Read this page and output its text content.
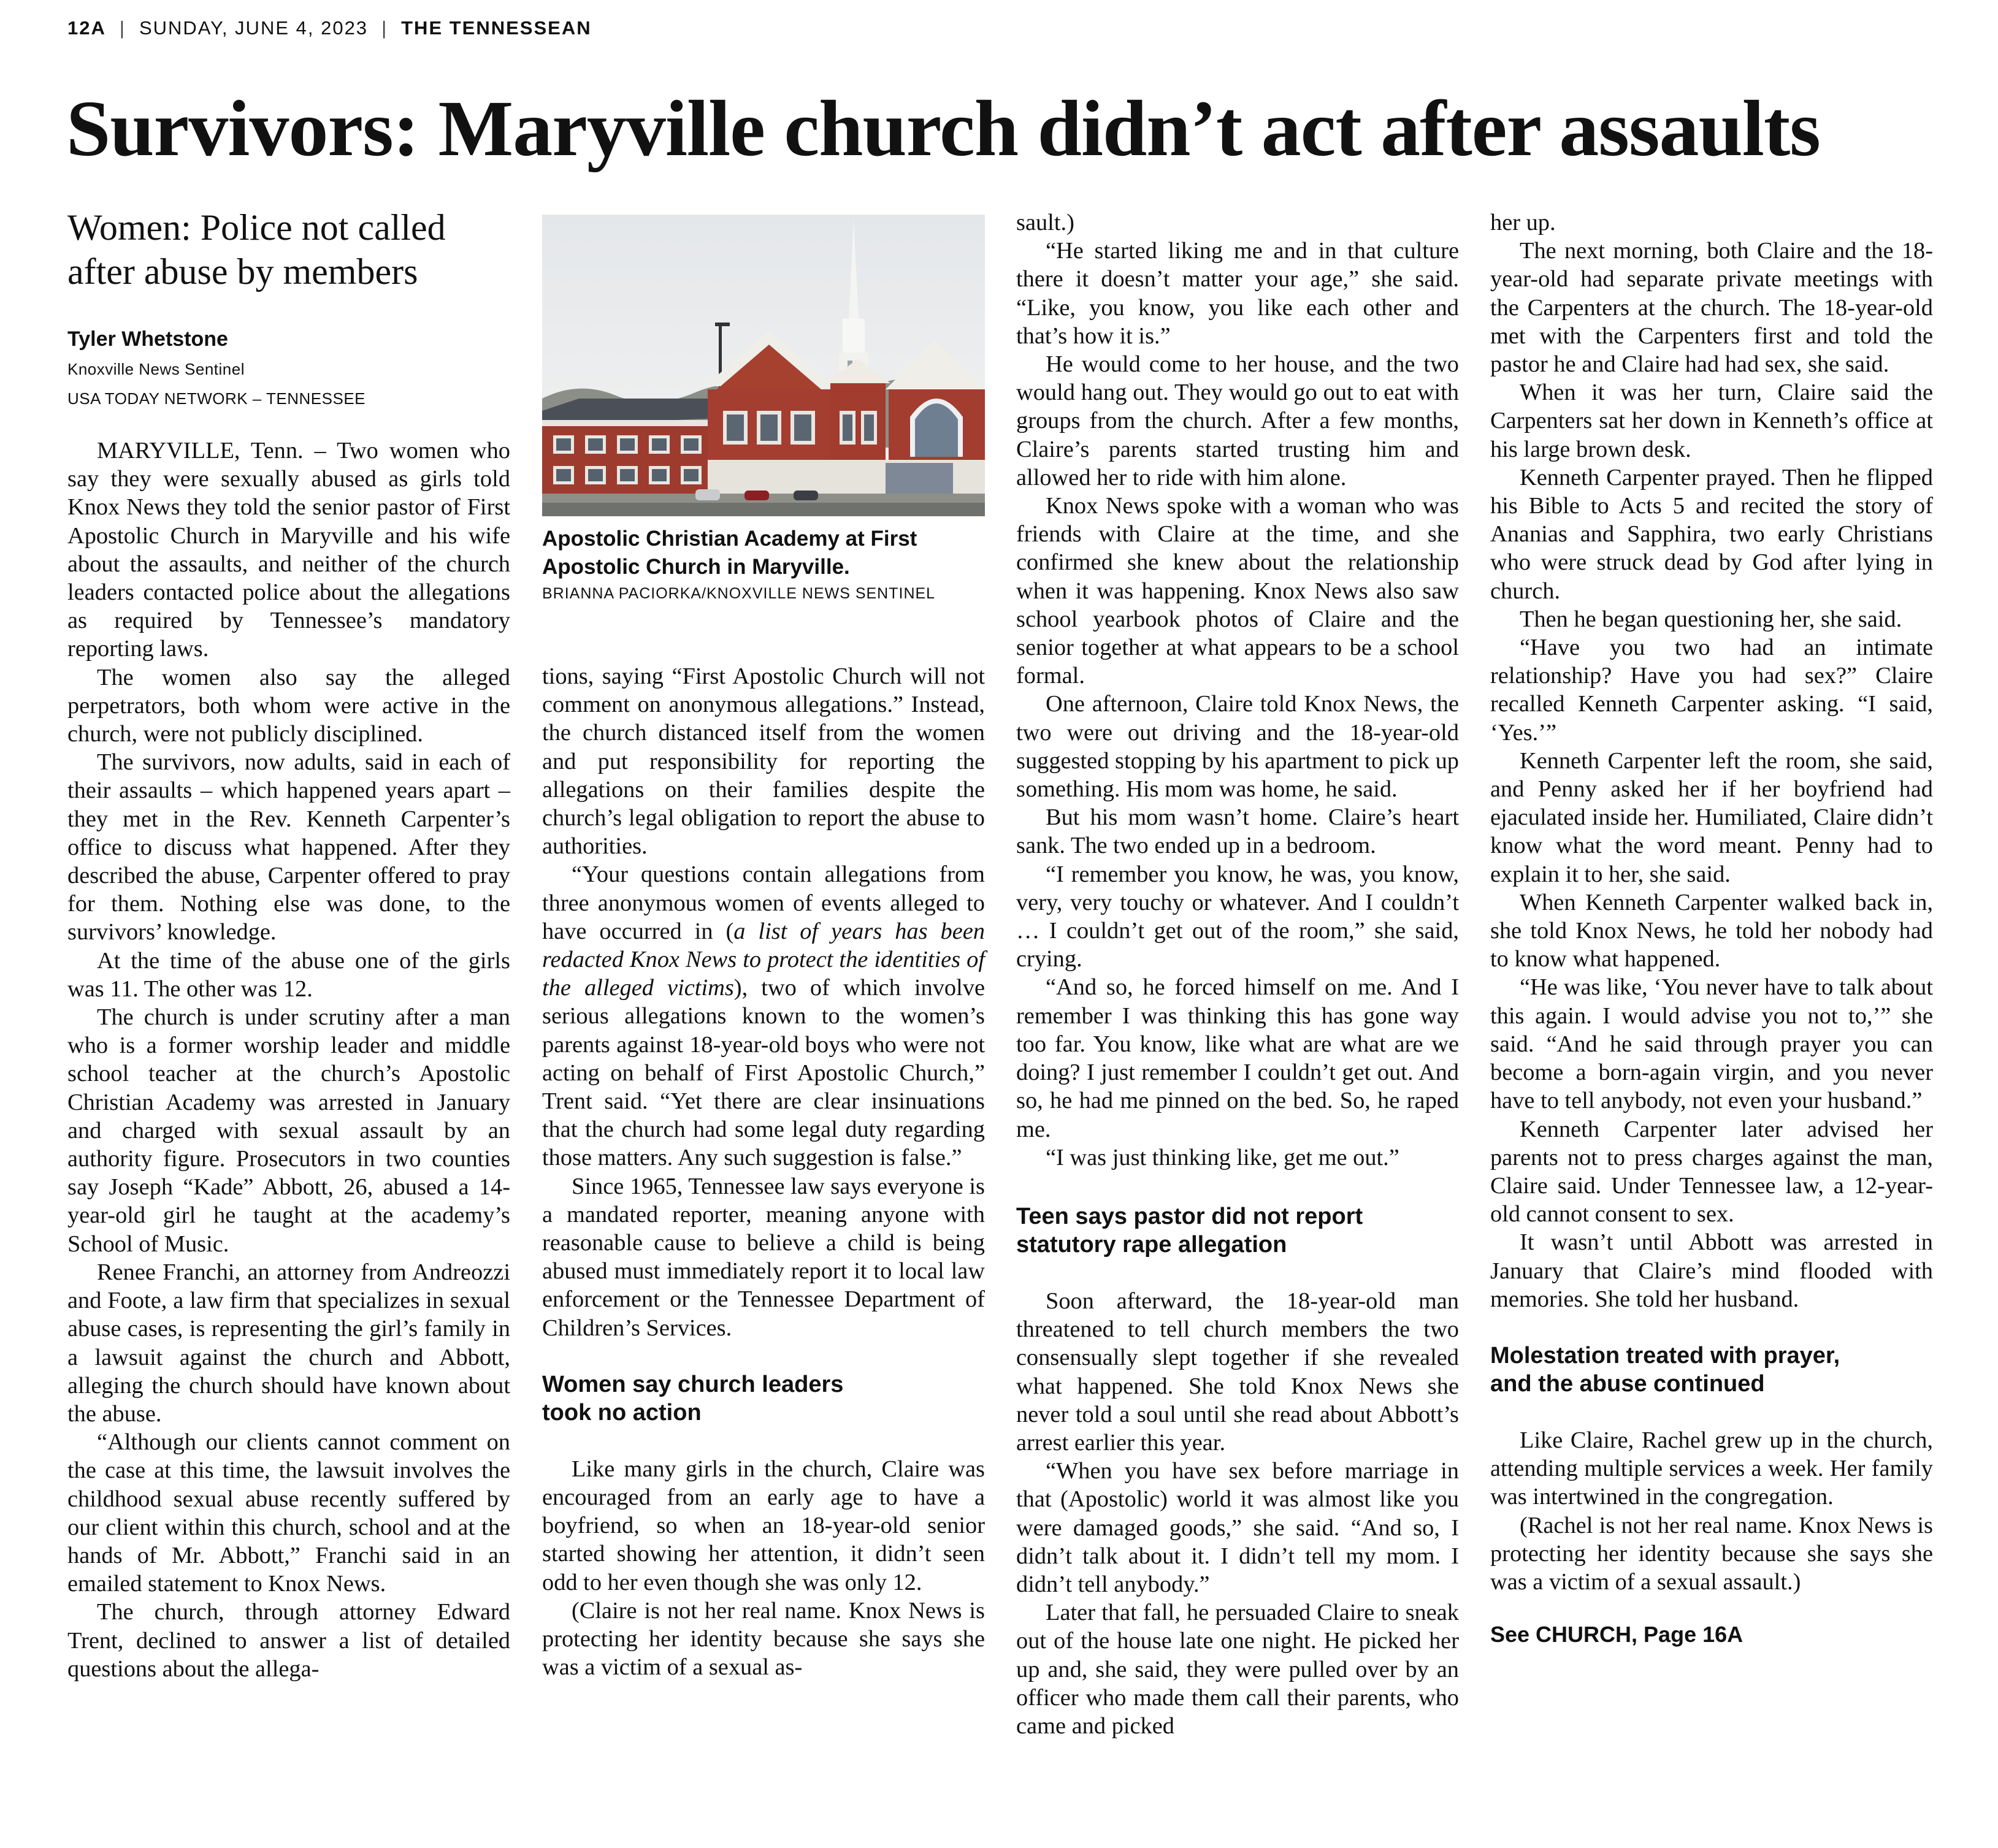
12A | SUNDAY, JUNE 4, 2023 | THE TENNESSEAN
Survivors: Maryville church didn’t act after assaults
Women: Police not called
after abuse by members
Tyler Whetstone
Knoxville News Sentinel
USA TODAY NETWORK – TENNESSEE

MARYVILLE, Tenn. – Two women who say they were sexually abused as girls told Knox News they told the senior pastor of First Apostolic Church in Maryville and his wife about the assaults, and neither of the church leaders contacted police about the allegations as required by Tennessee’s mandatory reporting laws.

The women also say the alleged perpetrators, both whom were active in the church, were not publicly disciplined.

The survivors, now adults, said in each of their assaults – which happened years apart – they met in the Rev. Kenneth Carpenter’s office to discuss what happened. After they described the abuse, Carpenter offered to pray for them. Nothing else was done, to the survivors’ knowledge.

At the time of the abuse one of the girls was 11. The other was 12.

The church is under scrutiny after a man who is a former worship leader and middle school teacher at the church’s Apostolic Christian Academy was arrested in January and charged with sexual assault by an authority figure. Prosecutors in two counties say Joseph “Kade” Abbott, 26, abused a 14-year-old girl he taught at the academy’s School of Music.

Renee Franchi, an attorney from Andreozzi and Foote, a law firm that specializes in sexual abuse cases, is representing the girl’s family in a lawsuit against the church and Abbott, alleging the church should have known about the abuse.

“Although our clients cannot comment on the case at this time, the lawsuit involves the childhood sexual abuse recently suffered by our client within this church, school and at the hands of Mr. Abbott,” Franchi said in an emailed statement to Knox News.

The church, through attorney Edward Trent, declined to answer a list of detailed questions about the allega-

Apostolic Christian Academy at First
Apostolic Church in Maryville.
BRIANNA PACIORKA/KNOXVILLE NEWS SENTINEL

tions, saying “First Apostolic Church will not comment on anonymous allegations.” Instead, the church distanced itself from the women and put responsibility for reporting the allegations on their families despite the church’s legal obligation to report the abuse to authorities.

“Your questions contain allegations from three anonymous women of events alleged to have occurred in (a list of years has been redacted Knox News to protect the identities of the alleged victims), two of which involve serious allegations known to the women’s parents against 18-year-old boys who were not acting on behalf of First Apostolic Church,” Trent said. “Yet there are clear insinuations that the church had some legal duty regarding those matters. Any such suggestion is false.”

Since 1965, Tennessee law says everyone is a mandated reporter, meaning anyone with reasonable cause to believe a child is being abused must immediately report it to local law enforcement or the Tennessee Department of Children’s Services.

Women say church leaders
took no action

Like many girls in the church, Claire was encouraged from an early age to have a boyfriend, so when an 18-year-old senior started showing her attention, it didn’t seen odd to her even though she was only 12.

(Claire is not her real name. Knox News is protecting her identity because she says she was a victim of a sexual as-

sault.)

“He started liking me and in that culture there it doesn’t matter your age,” she said. “Like, you know, you like each other and that’s how it is.”

He would come to her house, and the two would hang out. They would go out to eat with groups from the church. After a few months, Claire’s parents started trusting him and allowed her to ride with him alone.

Knox News spoke with a woman who was friends with Claire at the time, and she confirmed she knew about the relationship when it was happening. Knox News also saw school yearbook photos of Claire and the senior together at what appears to be a school formal.

One afternoon, Claire told Knox News, the two were out driving and the 18-year-old suggested stopping by his apartment to pick up something. His mom was home, he said.

But his mom wasn’t home. Claire’s heart sank. The two ended up in a bedroom.

“I remember you know, he was, you know, very, very touchy or whatever. And I couldn’t … I couldn’t get out of the room,” she said, crying.

“And so, he forced himself on me. And I remember I was thinking this has gone way too far. You know, like what are what are we doing? I just remember I couldn’t get out. And so, he had me pinned on the bed. So, he raped me.

“I was just thinking like, get me out.”

Teen says pastor did not report
statutory rape allegation

Soon afterward, the 18-year-old man threatened to tell church members the two consensually slept together if she revealed what happened. She told Knox News she never told a soul until she read about Abbott’s arrest earlier this year.

“When you have sex before marriage in that (Apostolic) world it was almost like you were damaged goods,” she said. “And so, I didn’t talk about it. I didn’t tell my mom. I didn’t tell anybody.”

Later that fall, he persuaded Claire to sneak out of the house late one night. He picked her up and, she said, they were pulled over by an officer who made them call their parents, who came and picked

her up.

The next morning, both Claire and the 18-year-old had separate private meetings with the Carpenters at the church. The 18-year-old met with the Carpenters first and told the pastor he and Claire had had sex, she said.

When it was her turn, Claire said the Carpenters sat her down in Kenneth’s office at his large brown desk.

Kenneth Carpenter prayed. Then he flipped his Bible to Acts 5 and recited the story of Ananias and Sapphira, two early Christians who were struck dead by God after lying in church.

Then he began questioning her, she said.

“Have you two had an intimate relationship? Have you had sex?” Claire recalled Kenneth Carpenter asking. “I said, ‘Yes.’”

Kenneth Carpenter left the room, she said, and Penny asked her if her boyfriend had ejaculated inside her. Humiliated, Claire didn’t know what the word meant. Penny had to explain it to her, she said.

When Kenneth Carpenter walked back in, she told Knox News, he told her nobody had to know what happened.

“He was like, ‘You never have to talk about this again. I would advise you not to,’” she said. “And he said through prayer you can become a born-again virgin, and you never have to tell anybody, not even your husband.”

Kenneth Carpenter later advised her parents not to press charges against the man, Claire said. Under Tennessee law, a 12-year-old cannot consent to sex.

It wasn’t until Abbott was arrested in January that Claire’s mind flooded with memories. She told her husband.

Molestation treated with prayer,
and the abuse continued

Like Claire, Rachel grew up in the church, attending multiple services a week. Her family was intertwined in the congregation.

(Rachel is not her real name. Knox News is protecting her identity because she says she was a victim of a sexual assault.)

See CHURCH, Page 16A
